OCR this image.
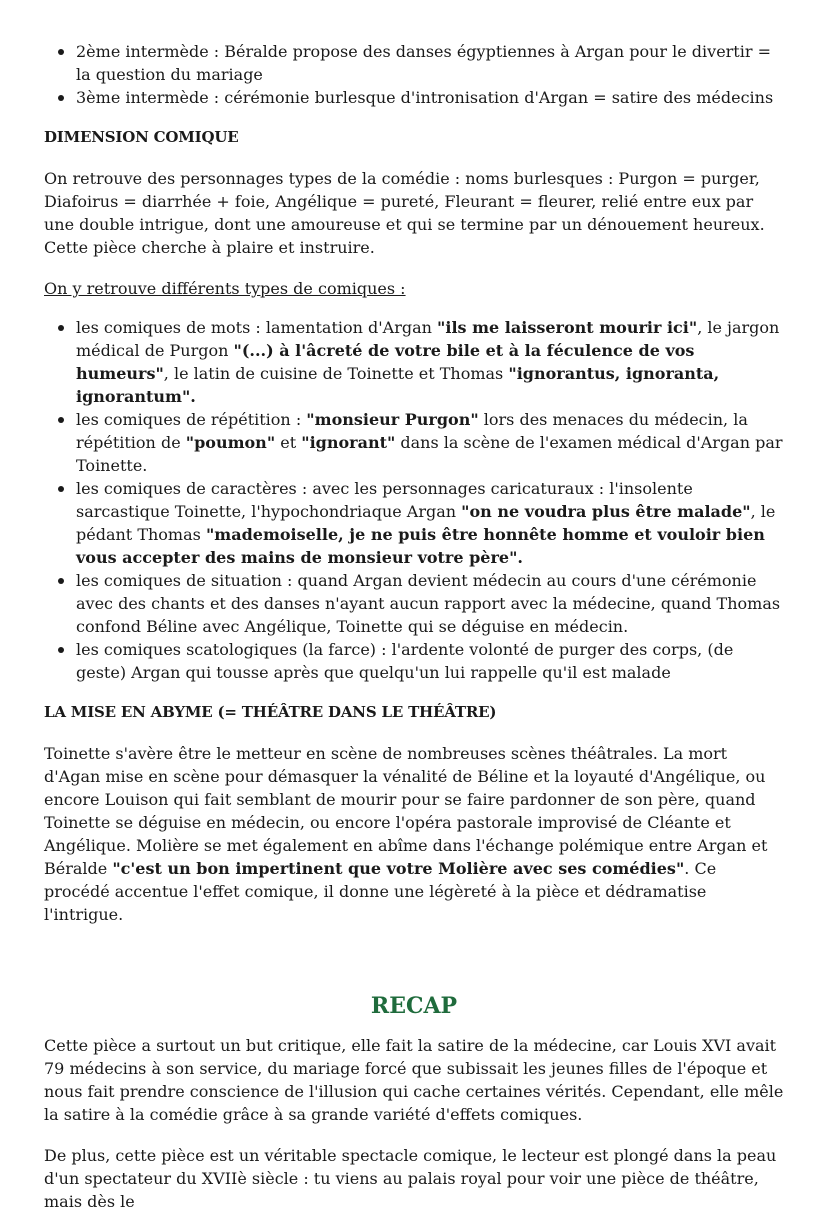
2ème intermède : Béralde propose des danses égyptiennes à Argan pour le divertir = la question du mariage
3ème intermède : cérémonie burlesque d'intronisation d'Argan = satire des médecins

DIMENSION COMIQUE

On retrouve des personnages types de la comédie : noms burlesques : Purgon = purger, Diafoirus = diarrhée + foie, Angélique = pureté, Fleurant = fleurer, relié entre eux par une double intrigue, dont une amoureuse et qui se termine par un dénouement heureux. Cette pièce cherche à plaire et instruire.

On y retrouve différents types de comiques :

les comiques de mots : lamentation d'Argan "ils me laisseront mourir ici", le jargon médical de Purgon "(...) à l'âcreté de votre bile et à la féculence de vos humeurs", le latin de cuisine de Toinette et Thomas "ignorantus, ignoranta, ignorantum".
les comiques de répétition : "monsieur Purgon" lors des menaces du médecin, la répétition de "poumon" et "ignorant" dans la scène de l'examen médical d'Argan par Toinette.
les comiques de caractères : avec les personnages caricaturaux : l'insolente sarcastique Toinette, l'hypochondriaque Argan "on ne voudra plus être malade", le pédant Thomas "mademoiselle, je ne puis être honnête homme et vouloir bien vous accepter des mains de monsieur votre père".
les comiques de situation : quand Argan devient médecin au cours d'une cérémonie avec des chants et des danses n'ayant aucun rapport avec la médecine, quand Thomas confond Béline avec Angélique, Toinette qui se déguise en médecin.
les comiques scatologiques (la farce) : l'ardente volonté de purger des corps, (de geste) Argan qui tousse après que quelqu'un lui rappelle qu'il est malade

LA MISE EN ABYME (= THÉÂTRE DANS LE THÉÂTRE)

Toinette s'avère être le metteur en scène de nombreuses scènes théâtrales. La mort d'Agan mise en scène pour démasquer la vénalité de Béline et la loyauté d'Angélique, ou encore Louison qui fait semblant de mourir pour se faire pardonner de son père, quand Toinette se déguise en médecin, ou encore l'opéra pastorale improvisé de Cléante et Angélique. Molière se met également en abîme dans l'échange polémique entre Argan et Béralde "c'est un bon impertinent que votre Molière avec ses comédies". Ce procédé accentue l'effet comique, il donne une légèreté à la pièce et dédramatise l'intrigue.

RECAP

Cette pièce a surtout un but critique, elle fait la satire de la médecine, car Louis XVI avait 79 médecins à son service, du mariage forcé que subissait les jeunes filles de l'époque et nous fait prendre conscience de l'illusion qui cache certaines vérités. Cependant, elle mêle la satire à la comédie grâce à sa grande variété d'effets comiques.

De plus, cette pièce est un véritable spectacle comique, le lecteur est plongé dans la peau d'un spectateur du XVIIè siècle : tu viens au palais royal pour voir une pièce de théâtre, mais dès le
